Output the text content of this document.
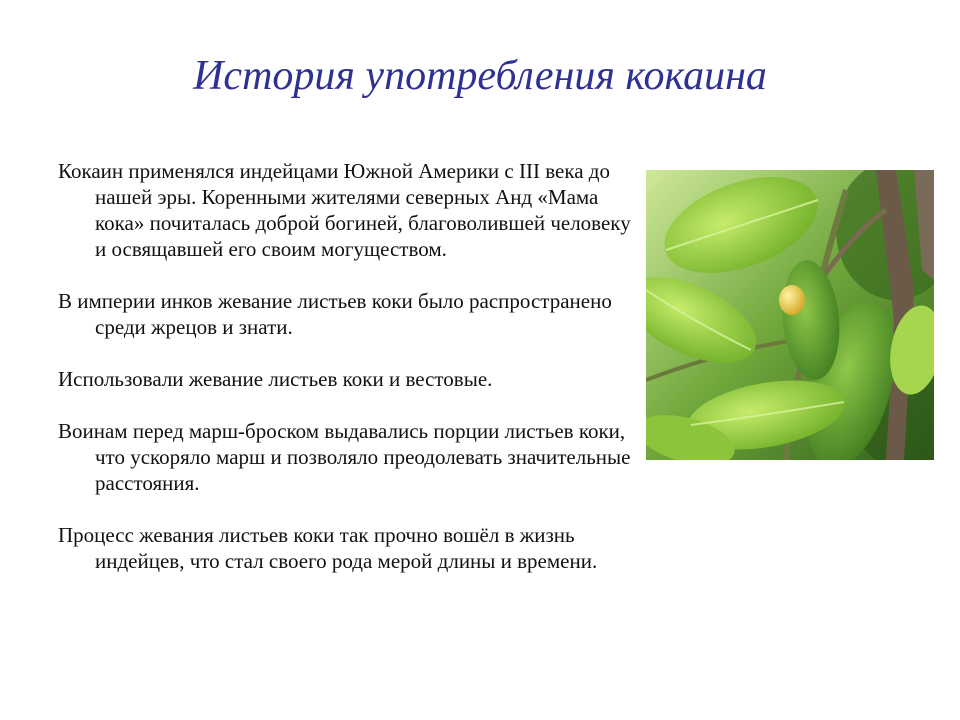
История употребления кокаина

Кокаин применялся индейцами Южной Америки с III века до нашей эры. Коренными жителями северных Анд «Мама кока» почиталась доброй богиней, благоволившей человеку и освящавшей его своим могуществом.

В империи инков жевание листьев коки было распространено среди жрецов и знати.

Использовали жевание листьев коки и вестовые.

Воинам перед марш-броском выдавались порции листьев коки, что ускоряло марш и позволяло преодолевать значительные расстояния.

Процесс жевания листьев коки так прочно вошёл в жизнь индейцев, что стал своего рода мерой длины и времени.
